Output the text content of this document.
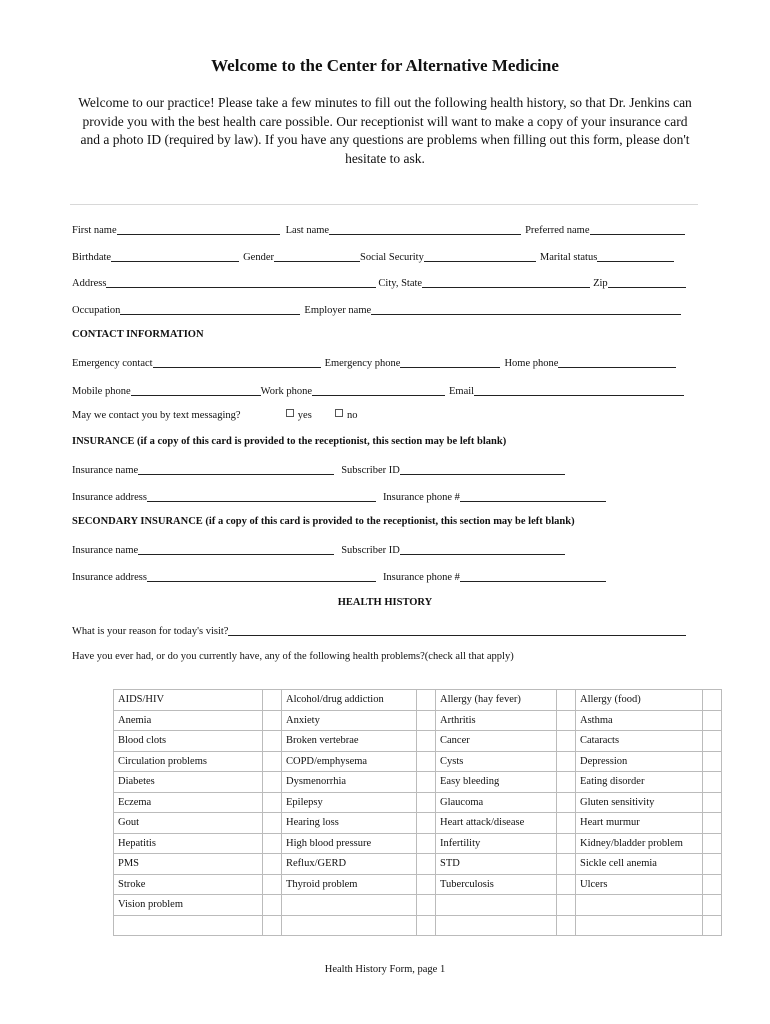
Welcome to the Center for Alternative Medicine
Welcome to our practice! Please take a few minutes to fill out the following health history, so that Dr. Jenkins can provide you with the best health care possible. Our receptionist will want to make a copy of your insurance card and a photo ID (required by law). If you have any questions are problems when filling out this form, please don't hesitate to ask.
First name	Last name	Preferred name
Birthdate	Gender	Social Security	Marital status
Address	City, State	Zip
Occupation	Employer name
CONTACT INFORMATION
Emergency contact	Emergency phone	Home phone
Mobile phone	Work phone	Email
May we contact you by text messaging?	yes	no
INSURANCE (if a copy of this card is provided to the receptionist, this section may be left blank)
Insurance name	Subscriber ID
Insurance address	Insurance phone #
SECONDARY INSURANCE (if a copy of this card is provided to the receptionist, this section may be left blank)
Insurance name	Subscriber ID
Insurance address	Insurance phone #
HEALTH HISTORY
What is your reason for today's visit?
Have you ever had, or do you currently have, any of the following health problems?(check all that apply)
AIDS/HIV		Alcohol/drug addiction		Allergy (hay fever)		Allergy (food)	
Anemia		Anxiety		Arthritis		Asthma	
Blood clots		Broken vertebrae		Cancer		Cataracts	
Circulation problems		COPD/emphysema		Cysts		Depression	
Diabetes		Dysmenorrhia		Easy bleeding		Eating disorder	
Eczema		Epilepsy		Glaucoma		Gluten sensitivity	
Gout		Hearing loss		Heart attack/disease		Heart murmur	
Hepatitis		High blood pressure		Infertility		Kidney/bladder problem	
PMS		Reflux/GERD		STD		Sickle cell anemia	
Stroke		Thyroid problem		Tuberculosis		Ulcers	
Vision problem							

Health History Form, page 1
